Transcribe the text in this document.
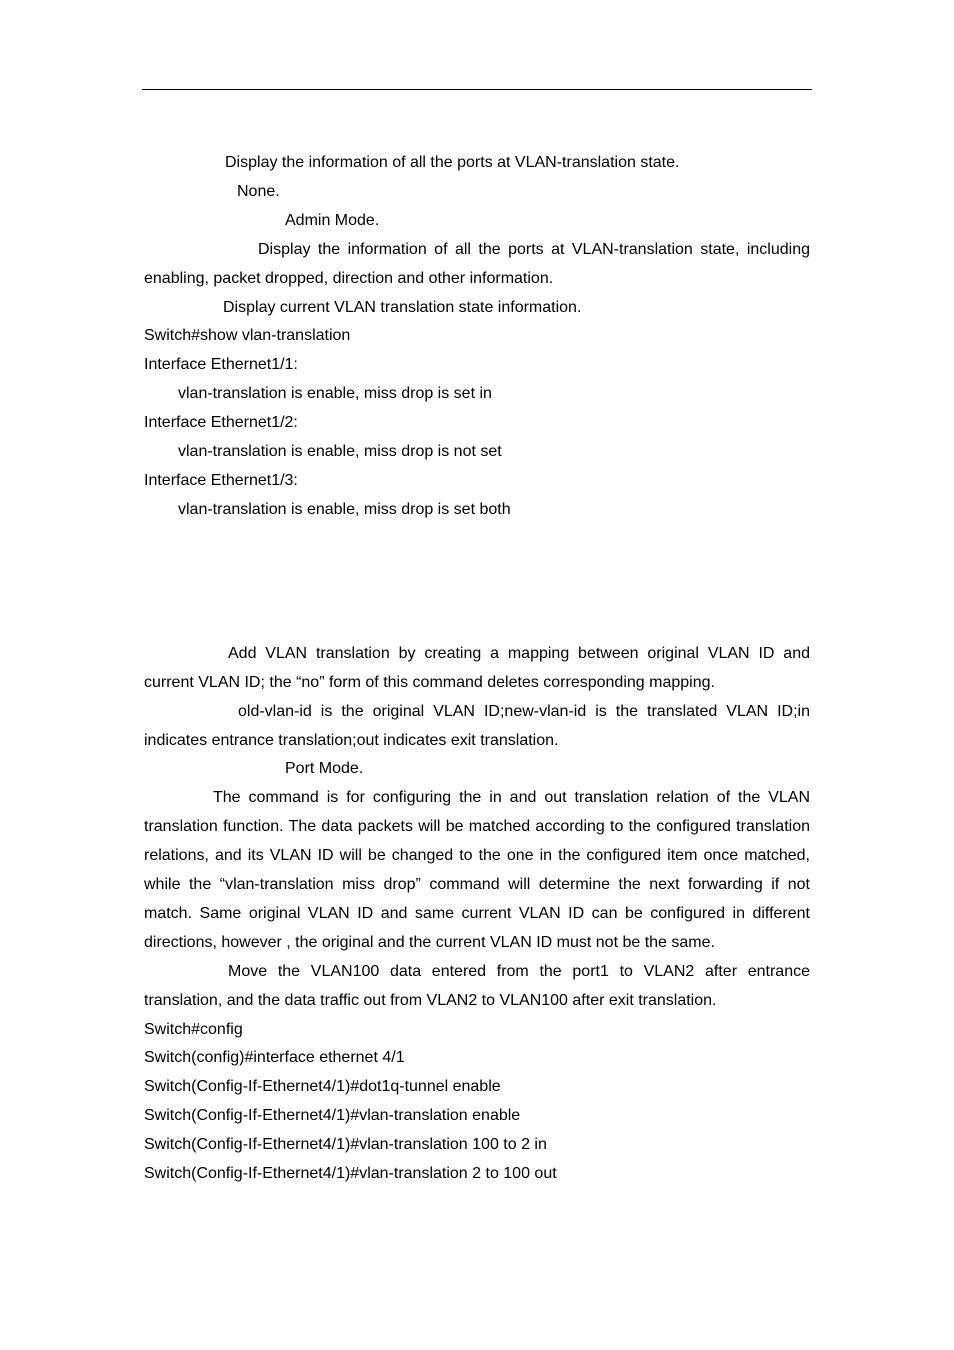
Display the information of all the ports at VLAN-translation state.

None.

Admin Mode.

Display the information of all the ports at VLAN-translation state, including enabling, packet dropped, direction and other information.

Display current VLAN translation state information.

Switch#show vlan-translation

Interface Ethernet1/1:

vlan-translation is enable, miss drop is set in

Interface Ethernet1/2:

vlan-translation is enable, miss drop is not set

Interface Ethernet1/3:

vlan-translation is enable, miss drop is set both

Add VLAN translation by creating a mapping between original VLAN ID and current VLAN ID; the “no” form of this command deletes corresponding mapping.

old-vlan-id is the original VLAN ID;new-vlan-id is the translated VLAN ID;in indicates entrance translation;out indicates exit translation.

Port Mode.

The command is for configuring the in and out translation relation of the VLAN translation function. The data packets will be matched according to the configured translation relations, and its VLAN ID will be changed to the one in the configured item once matched, while the “vlan-translation miss drop” command will determine the next forwarding if not match. Same original VLAN ID and same current VLAN ID can be configured in different directions, however , the original and the current VLAN ID must not be the same.

Move the VLAN100 data entered from the port1 to VLAN2 after entrance translation, and the data traffic out from VLAN2 to VLAN100 after exit translation.

Switch#config

Switch(config)#interface ethernet 4/1

Switch(Config-If-Ethernet4/1)#dot1q-tunnel enable

Switch(Config-If-Ethernet4/1)#vlan-translation enable

Switch(Config-If-Ethernet4/1)#vlan-translation 100 to 2 in

Switch(Config-If-Ethernet4/1)#vlan-translation 2 to 100 out
